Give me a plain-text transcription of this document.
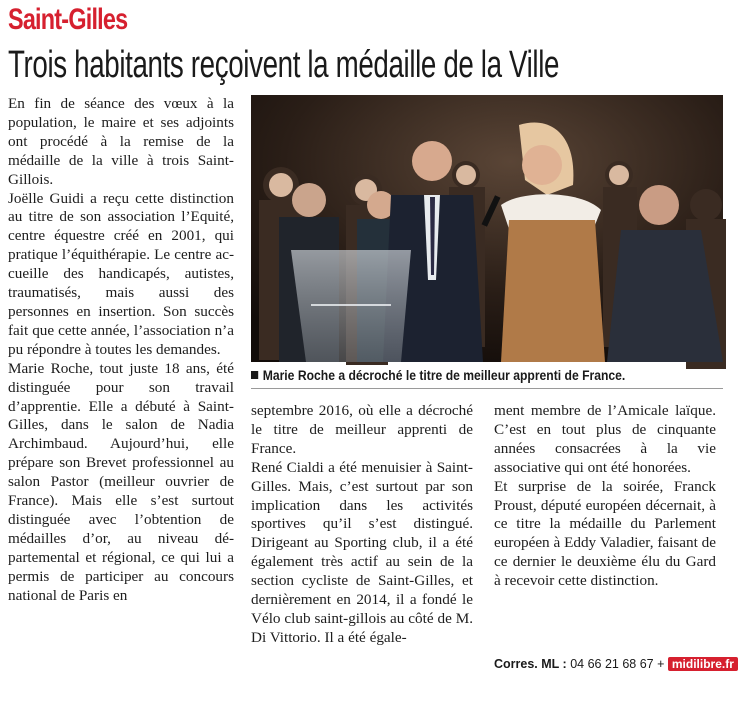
Saint-Gilles
Trois habitants reçoivent la médaille de la Ville

En fin de séance des vœux à la population, le maire et ses adjoints ont procédé à la remise de la médaille de la ville à trois Saint-Gillois.

Joëlle Guidi a reçu cette distinction au titre de son association l’Equité, centre équestre créé en 2001, qui pratique l’équithérapie. Le centre accueille des handicapés, autistes, traumatisés, mais aussi des personnes en insertion. Son succès fait que cette année, l’association n’a pu répondre à toutes les demandes.

Marie Roche, tout juste 18 ans, été distinguée pour son travail d’apprentie. Elle a débuté à Saint-Gilles, dans le salon de Nadia Archimbaud. Aujourd’hui, elle prépare son Brevet professionnel au salon Pastor (meilleur ouvrier de France). Mais elle s’est surtout distinguée avec l’obtention de médailles d’or, au niveau départemental et régional, ce qui lui a permis de participer au concours national de Paris en

Marie Roche a décroché le titre de meilleur apprenti de France.

septembre 2016, où elle a décroché le titre de meilleur apprenti de France.

René Cialdi a été menuisier à Saint-Gilles. Mais, c’est surtout par son implication dans les activités sportives qu’il s’est distingué. Dirigeant au Sporting club, il a été également très actif au sein de la section cycliste de Saint-Gilles, et dernièrement en 2014, il a fondé le Vélo club saint-gillois au côté de M. Di Vittorio. Il a été égale-

ment membre de l’Amicale laïque. C’est en tout plus de cinquante années consacrées à la vie associative qui ont été honorées.

Et surprise de la soirée, Franck Proust, député européen décernait, à ce titre la médaille du Parlement européen à Eddy Valadier, faisant de ce dernier le deuxième élu du Gard à recevoir cette distinction.

Corres. ML : 04 66 21 68 67 + midilibre.fr
